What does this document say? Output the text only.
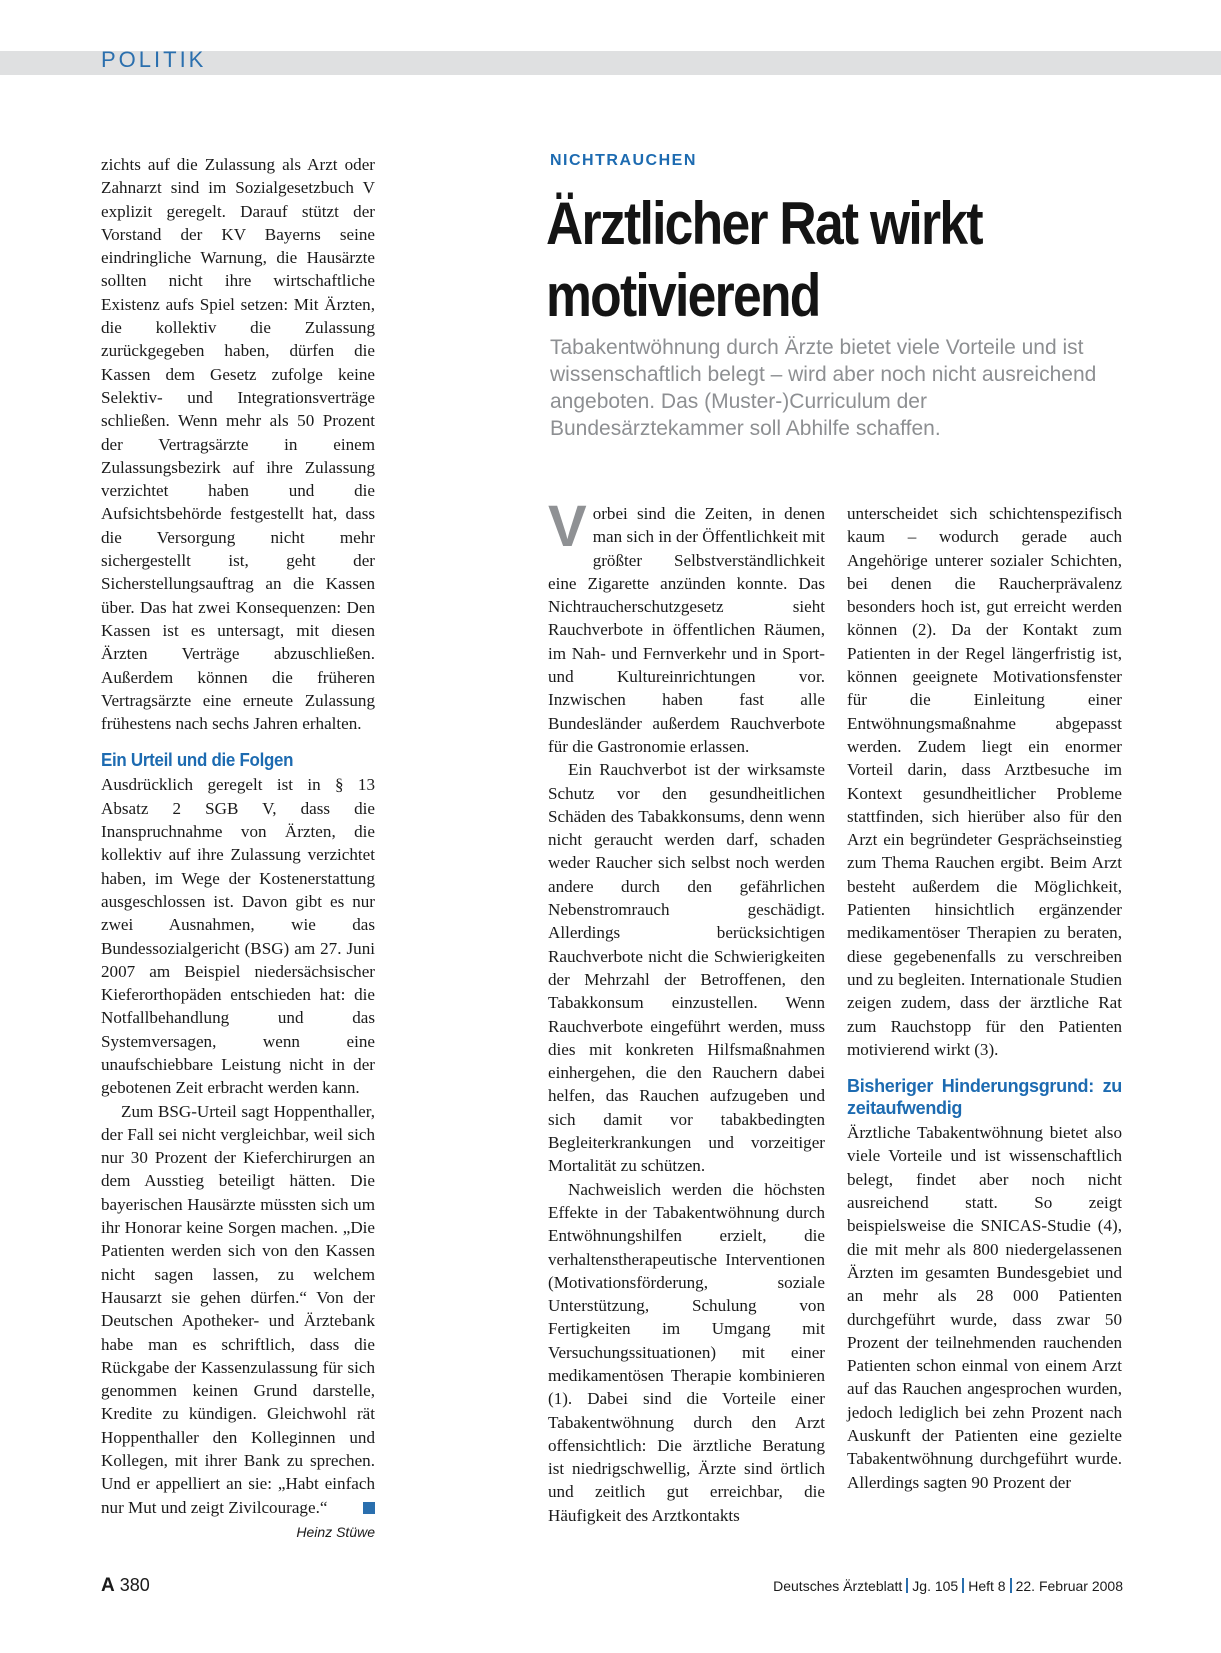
POLITIK

zichts auf die Zulassung als Arzt oder Zahnarzt sind im Sozialgesetzbuch V explizit geregelt. Darauf stützt der Vorstand der KV Bayerns seine eindringliche Warnung, die Hausärzte sollten nicht ihre wirtschaftliche Existenz aufs Spiel setzen: Mit Ärzten, die kollektiv die Zulassung zurückgegeben haben, dürfen die Kassen dem Gesetz zufolge keine Selektiv- und Integrationsverträge schließen. Wenn mehr als 50 Prozent der Vertragsärzte in einem Zulassungsbezirk auf ihre Zulassung verzichtet haben und die Aufsichtsbehörde festgestellt hat, dass die Versorgung nicht mehr sichergestellt ist, geht der Sicherstellungsauftrag an die Kassen über. Das hat zwei Konsequenzen: Den Kassen ist es untersagt, mit diesen Ärzten Verträge abzuschließen. Außerdem können die früheren Vertragsärzte eine erneute Zulassung frühestens nach sechs Jahren erhalten.

Ein Urteil und die Folgen

Ausdrücklich geregelt ist in § 13 Absatz 2 SGB V, dass die Inanspruchnahme von Ärzten, die kollektiv auf ihre Zulassung verzichtet haben, im Wege der Kostenerstattung ausgeschlossen ist. Davon gibt es nur zwei Ausnahmen, wie das Bundessozialgericht (BSG) am 27. Juni 2007 am Beispiel niedersächsischer Kieferorthopäden entschieden hat: die Notfallbehandlung und das Systemversagen, wenn eine unaufschiebbare Leistung nicht in der gebotenen Zeit erbracht werden kann.

Zum BSG-Urteil sagt Hoppenthaller, der Fall sei nicht vergleichbar, weil sich nur 30 Prozent der Kieferchirurgen an dem Ausstieg beteiligt hätten. Die bayerischen Hausärzte müssten sich um ihr Honorar keine Sorgen machen. „Die Patienten werden sich von den Kassen nicht sagen lassen, zu welchem Hausarzt sie gehen dürfen.“ Von der Deutschen Apotheker- und Ärztebank habe man es schriftlich, dass die Rückgabe der Kassenzulassung für sich genommen keinen Grund darstelle, Kredite zu kündigen. Gleichwohl rät Hoppenthaller den Kolleginnen und Kollegen, mit ihrer Bank zu sprechen. Und er appelliert an sie: „Habt einfach nur Mut und zeigt Zivilcourage.“

Heinz Stüwe
NICHTRAUCHEN
Ärztlicher Rat wirkt
motivierend
Tabakentwöhnung durch Ärzte bietet viele Vorteile und ist wissenschaftlich belegt – wird aber noch nicht ausreichend angeboten. Das (Muster-)Curriculum der Bundesärztekammer soll Abhilfe schaffen.

Vorbei sind die Zeiten, in denen man sich in der Öffentlichkeit mit größter Selbstverständlichkeit eine Zigarette anzünden konnte. Das Nichtraucherschutzgesetz sieht Rauchverbote in öffentlichen Räumen, im Nah- und Fernverkehr und in Sport- und Kultureinrichtungen vor. Inzwischen haben fast alle Bundesländer außerdem Rauchverbote für die Gastronomie erlassen.

Ein Rauchverbot ist der wirksamste Schutz vor den gesundheitlichen Schäden des Tabakkonsums, denn wenn nicht geraucht werden darf, schaden weder Raucher sich selbst noch werden andere durch den gefährlichen Nebenstromrauch geschädigt. Allerdings berücksichtigen Rauchverbote nicht die Schwierigkeiten der Mehrzahl der Betroffenen, den Tabakkonsum einzustellen. Wenn Rauchverbote eingeführt werden, muss dies mit konkreten Hilfsmaßnahmen einhergehen, die den Rauchern dabei helfen, das Rauchen aufzugeben und sich damit vor tabakbedingten Begleiterkrankungen und vorzeitiger Mortalität zu schützen.

Nachweislich werden die höchsten Effekte in der Tabakentwöhnung durch Entwöhnungshilfen erzielt, die verhaltenstherapeutische Interventionen (Motivationsförderung, soziale Unterstützung, Schulung von Fertigkeiten im Umgang mit Versuchungssituationen) mit einer medikamentösen Therapie kombinieren (1). Dabei sind die Vorteile einer Tabakentwöhnung durch den Arzt offensichtlich: Die ärztliche Beratung ist niedrigschwellig, Ärzte sind örtlich und zeitlich gut erreichbar, die Häufigkeit des Arztkontakts

unterscheidet sich schichtenspezifisch kaum – wodurch gerade auch Angehörige unterer sozialer Schichten, bei denen die Raucherprävalenz besonders hoch ist, gut erreicht werden können (2). Da der Kontakt zum Patienten in der Regel längerfristig ist, können geeignete Motivationsfenster für die Einleitung einer Entwöhnungsmaßnahme abgepasst werden. Zudem liegt ein enormer Vorteil darin, dass Arztbesuche im Kontext gesundheitlicher Probleme stattfinden, sich hierüber also für den Arzt ein begründeter Gesprächseinstieg zum Thema Rauchen ergibt. Beim Arzt besteht außerdem die Möglichkeit, Patienten hinsichtlich ergänzender medikamentöser Therapien zu beraten, diese gegebenenfalls zu verschreiben und zu begleiten. Internationale Studien zeigen zudem, dass der ärztliche Rat zum Rauchstopp für den Patienten motivierend wirkt (3).

Bisheriger Hinderungsgrund: zu zeitaufwendig

Ärztliche Tabakentwöhnung bietet also viele Vorteile und ist wissenschaftlich belegt, findet aber noch nicht ausreichend statt. So zeigt beispielsweise die SNICAS-Studie (4), die mit mehr als 800 niedergelassenen Ärzten im gesamten Bundesgebiet und an mehr als 28 000 Patienten durchgeführt wurde, dass zwar 50 Prozent der teilnehmenden rauchenden Patienten schon einmal von einem Arzt auf das Rauchen angesprochen wurden, jedoch lediglich bei zehn Prozent nach Auskunft der Patienten eine gezielte Tabakentwöhnung durchgeführt wurde. Allerdings sagten 90 Prozent der

A 380	Deutsches Ärzteblatt Jg. 105 Heft 8 22. Februar 2008
